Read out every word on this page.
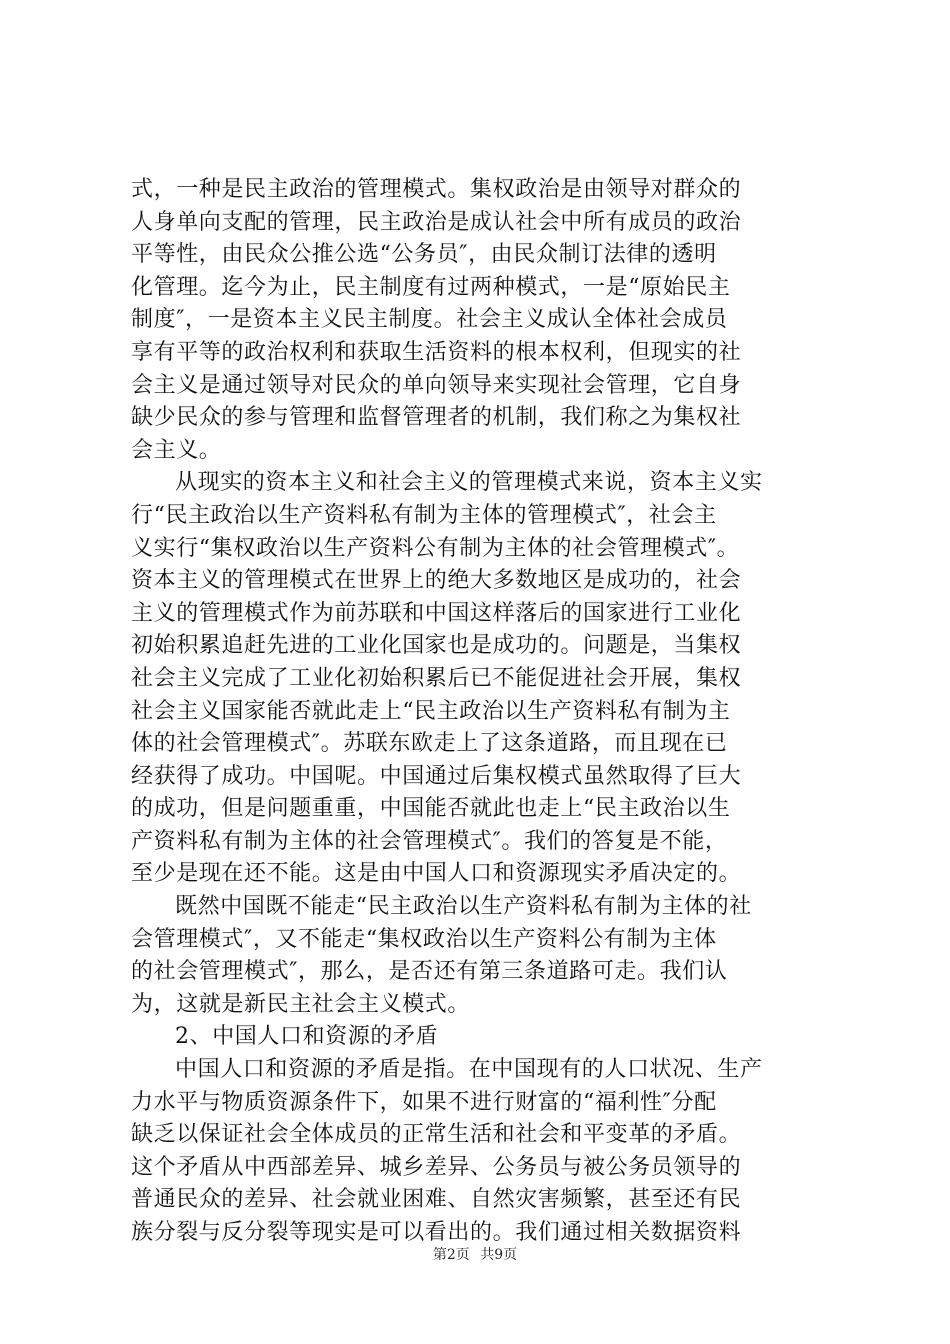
式，一种是民主政治的管理模式。集权政治是由领导对群众的
人身单向支配的管理，民主政治是成认社会中所有成员的政治
平等性，由民众公推公选“公务员″，由民众制订法律的透明
化管理。迄今为止，民主制度有过两种模式，一是“原始民主
制度″，一是资本主义民主制度。社会主义成认全体社会成员
享有平等的政治权利和获取生活资料的根本权利，但现实的社
会主义是通过领导对民众的单向领导来实现社会管理，它自身
缺少民众的参与管理和监督管理者的机制，我们称之为集权社
会主义。
从现实的资本主义和社会主义的管理模式来说，资本主义实
行“民主政治以生产资料私有制为主体的管理模式″，社会主
义实行“集权政治以生产资料公有制为主体的社会管理模式″。
资本主义的管理模式在世界上的绝大多数地区是成功的，社会
主义的管理模式作为前苏联和中国这样落后的国家进行工业化
初始积累追赶先进的工业化国家也是成功的。问题是，当集权
社会主义完成了工业化初始积累后已不能促进社会开展，集权
社会主义国家能否就此走上“民主政治以生产资料私有制为主
体的社会管理模式″。苏联东欧走上了这条道路，而且现在已
经获得了成功。中国呢。中国通过后集权模式虽然取得了巨大
的成功，但是问题重重，中国能否就此也走上“民主政治以生
产资料私有制为主体的社会管理模式″。我们的答复是不能，
至少是现在还不能。这是由中国人口和资源现实矛盾决定的。
既然中国既不能走“民主政治以生产资料私有制为主体的社
会管理模式″，又不能走“集权政治以生产资料公有制为主体
的社会管理模式″，那么，是否还有第三条道路可走。我们认
为，这就是新民主社会主义模式。
2、中国人口和资源的矛盾
中国人口和资源的矛盾是指。在中国现有的人口状况、生产
力水平与物质资源条件下，如果不进行财富的“福利性″分配
缺乏以保证社会全体成员的正常生活和社会和平变革的矛盾。
这个矛盾从中西部差异、城乡差异、公务员与被公务员领导的
普通民众的差异、社会就业困难、自然灾害频繁，甚至还有民
族分裂与反分裂等现实是可以看出的。我们通过相关数据资料
第2页 共9页
